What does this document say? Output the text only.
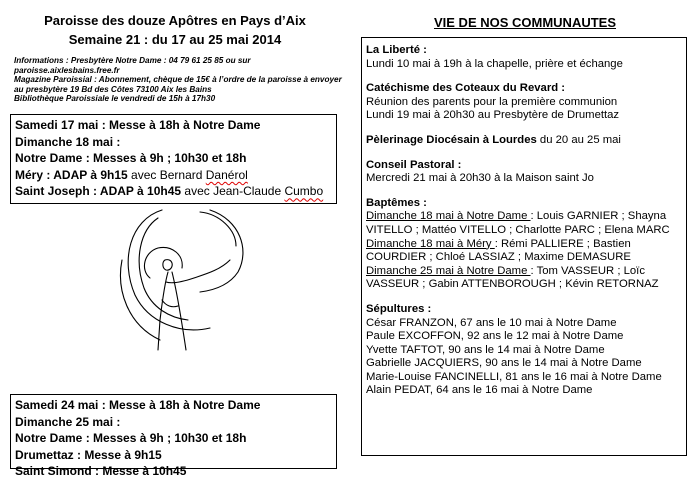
Paroisse des douze Apôtres en Pays d’Aix
Semaine 21 : du 17 au 25 mai 2014
Informations : Presbytère Notre Dame : 04 79 61 25 85 ou sur
paroisse.aixlesbains.free.fr
Magazine Paroissial : Abonnement, chèque de 15€ à l’ordre de la paroisse à envoyer
au presbytère 19 Bd des Côtes 73100 Aix les Bains
Bibliothèque Paroissiale le vendredi de 15h à 17h30
Samedi 17 mai : Messe à 18h à Notre Dame
Dimanche 18 mai :
Notre Dame : Messes à 9h ; 10h30 et 18h
Méry : ADAP à 9h15 avec Bernard Danérol
Saint Joseph : ADAP à 10h45 avec Jean-Claude Cumbo
Samedi 24 mai : Messe à 18h à Notre Dame
Dimanche 25 mai :
Notre Dame : Messes à 9h ; 10h30 et 18h
Drumettaz : Messe à 9h15
Saint Simond : Messe à 10h45
VIE DE NOS COMMUNAUTES
La Liberté :
Lundi 10 mai à 19h à la chapelle, prière et échange
Catéchisme des Coteaux du Revard :
Réunion des parents pour la première communion
Lundi 19 mai à 20h30 au Presbytère de Drumettaz
Pèlerinage Diocésain à Lourdes du 20 au 25 mai
Conseil Pastoral :
Mercredi 21 mai à 20h30 à la Maison saint Jo
Baptêmes :
Dimanche 18 mai à Notre Dame : Louis GARNIER ; Shayna
VITELLO ; Mattéo VITELLO ; Charlotte PARC ; Elena MARC
Dimanche 18 mai à Méry : Rémi PALLIERE ; Bastien
COURDIER ; Chloé LASSIAZ ; Maxime DEMASURE
Dimanche 25 mai à Notre Dame : Tom VASSEUR ; Loïc
VASSEUR ; Gabin ATTENBOROUGH ; Kévin RETORNAZ
Sépultures :
César FRANZON, 67 ans le 10 mai à Notre Dame
Paule EXCOFFON, 92 ans le 12 mai à Notre Dame
Yvette TAFTOT, 90 ans le 14 mai à Notre Dame
Gabrielle JACQUIERS, 90 ans le 14 mai à Notre Dame
Marie-Louise FANCINELLI, 81 ans le 16 mai à Notre Dame
Alain PEDAT, 64 ans le 16 mai à Notre Dame
